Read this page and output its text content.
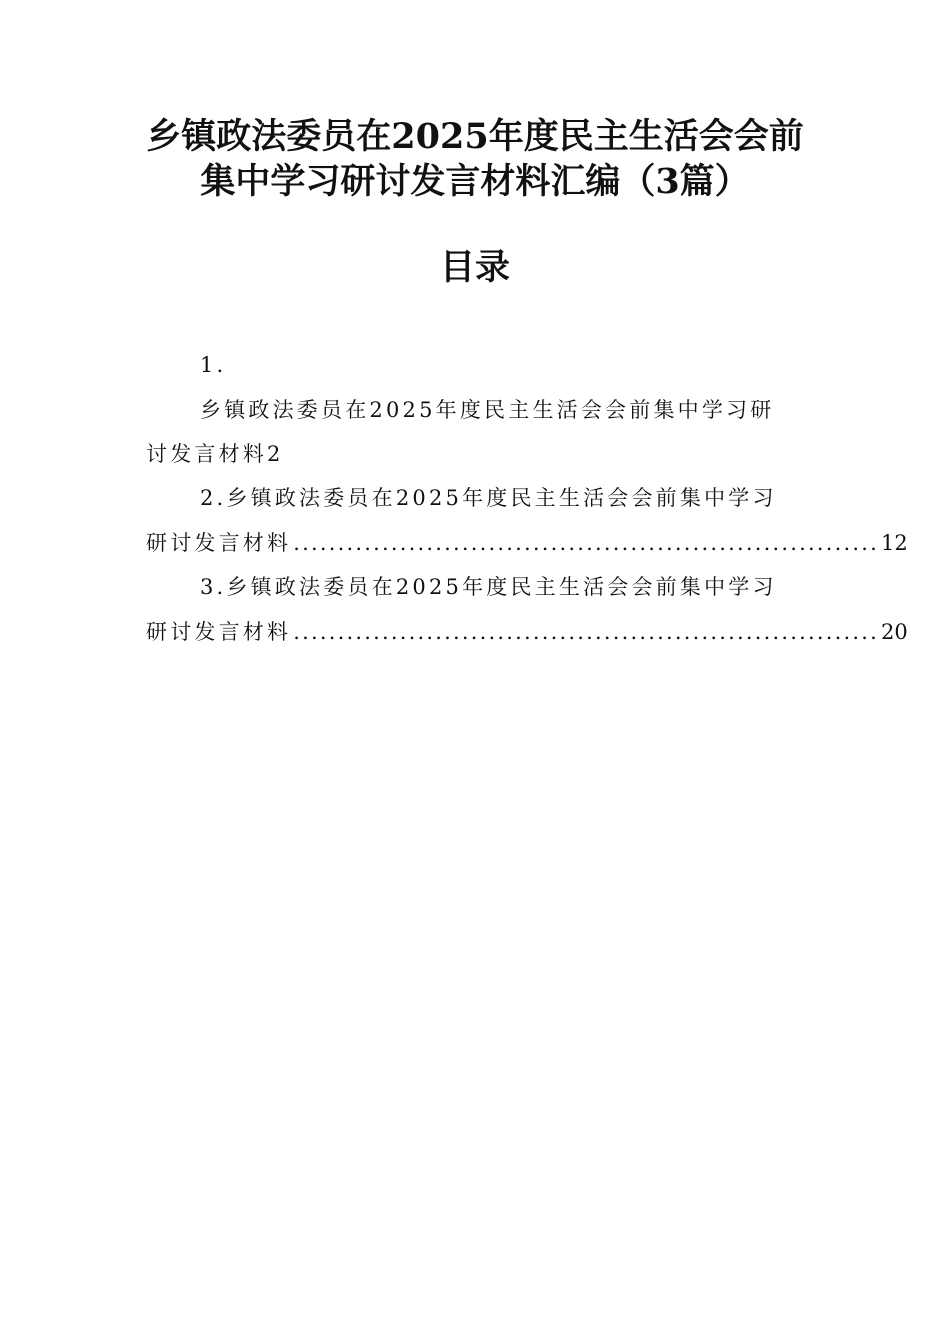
乡镇政法委员在2025年度民主生活会会前
集中学习研讨发言材料汇编（3篇）
目录
1.
乡镇政法委员在2025年度民主生活会会前集中学习研
讨发言材料2
2.乡镇政法委员在2025年度民主生活会会前集中学习
研讨发言材料 .................................................................. 12
3.乡镇政法委员在2025年度民主生活会会前集中学习
研讨发言材料 .................................................................. 20
